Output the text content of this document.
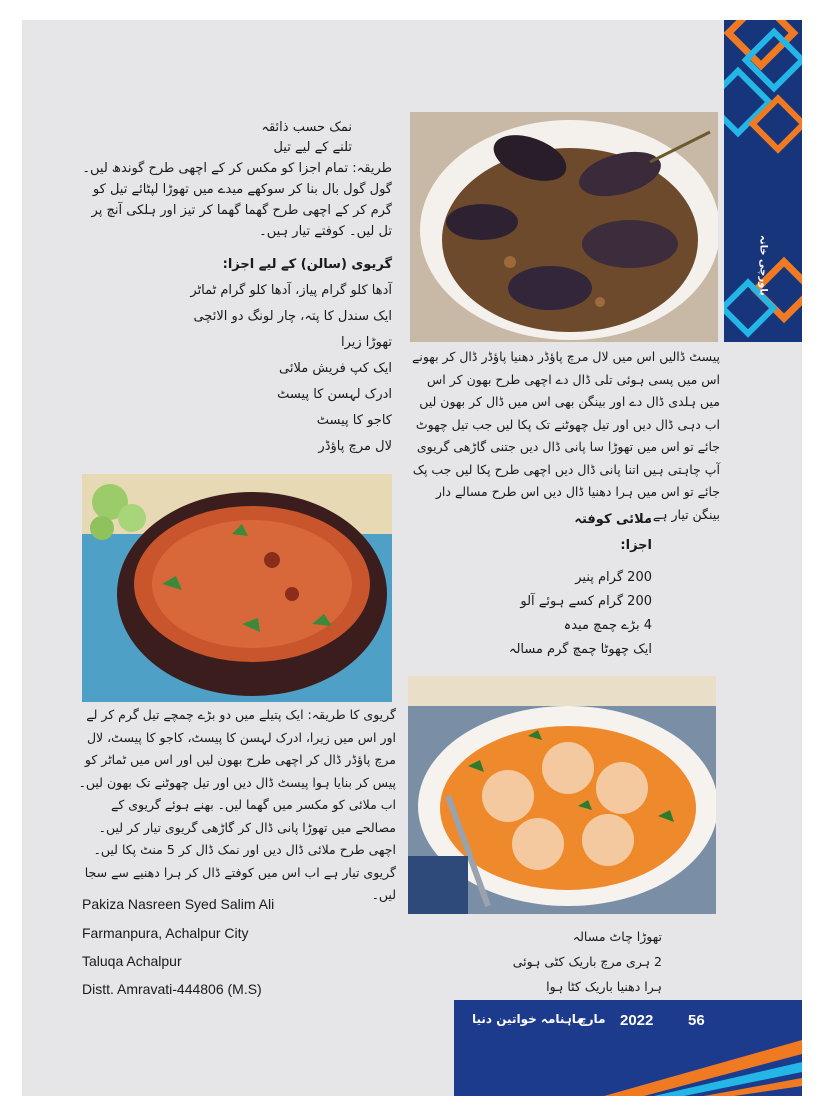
نمک حسب ذائقہ
تلنے کے لیے تیل
طریقہ: تمام اجزا کو مکس کر کے اچھی طرح گوندھ لیں۔ گول گول بال بنا کر سوکھے میدے میں تھوڑا لپٹائے تیل کو گرم کر کے اچھی طرح گھما گھما کر تیز اور ہلکی آنچ پر تل لیں۔ کوفتے تیار ہیں۔
گریوی (سالن) کے لیے اجزا:
آدھا کلو گرام پیاز، آدھا کلو گرام ٹماٹر
ایک سندل کا پتہ، چار لونگ دو الائچی
تھوڑا زیرا
ایک کپ فریش ملائی
ادرک لہسن کا پیسٹ
کاجو کا پیسٹ
لال مرچ پاؤڈر
پیسٹ ڈالیں اس میں لال مرچ پاؤڈر دھنیا پاؤڈر ڈال کر بھونے اس میں پسی ہوئی تلی ڈال دے اچھی طرح بھون کر اس میں ہلدی ڈال دے اور بینگن بھی اس میں ڈال کر بھون لیں اب دہی ڈال دیں اور تیل چھوٹنے تک پکا لیں جب تیل چھوٹ جائے تو اس میں تھوڑا سا پانی ڈال دیں جتنی گاڑھی گریوی آپ چاہتی ہیں اتنا پانی ڈال دیں اچھی طرح پکا لیں جب پک جائے تو اس میں ہرا دھنیا ڈال دیں اس طرح مسالے دار بینگن تیار ہے۔
ملائی کوفتہ
اجزا:
200 گرام پنیر
200 گرام کسے ہوئے آلو
4 بڑے چمچ میدہ
ایک چھوٹا چمچ گرم مسالہ
گریوی کا طریقہ: ایک پتیلے میں دو بڑے چمچے تیل گرم کر لے اور اس میں زیرا، ادرک لہسن کا پیسٹ، کاجو کا پیسٹ، لال مرچ پاؤڈر ڈال کر اچھی طرح بھون لیں اور اس میں ٹماٹر کو پیس کر بنایا ہوا پیسٹ ڈال دیں اور تیل چھوٹنے تک بھون لیں۔ اب ملائی کو مکسر میں گھما لیں۔ بھنے ہوئے گریوی کے مصالحے میں تھوڑا پانی ڈال کر گاڑھی گریوی تیار کر لیں۔ اچھی طرح ملائی ڈال دیں اور نمک ڈال کر 5 منٹ پکا لیں۔ گریوی تیار ہے اب اس میں کوفتے ڈال کر ہرا دھنیے سے سجا لیں۔
Pakiza Nasreen Syed Salim Ali
Farmanpura, Achalpur City
Taluqa Achalpur
Distt. Amravati-444806 (M.S)
تھوڑا چاٹ مسالہ
2 ہری مرچ باریک کٹی ہوئی
ہرا دھنیا باریک کٹا ہوا
باورچی خانہ
56
2022
مارچ
ماہنامہ خواتین دنیا
